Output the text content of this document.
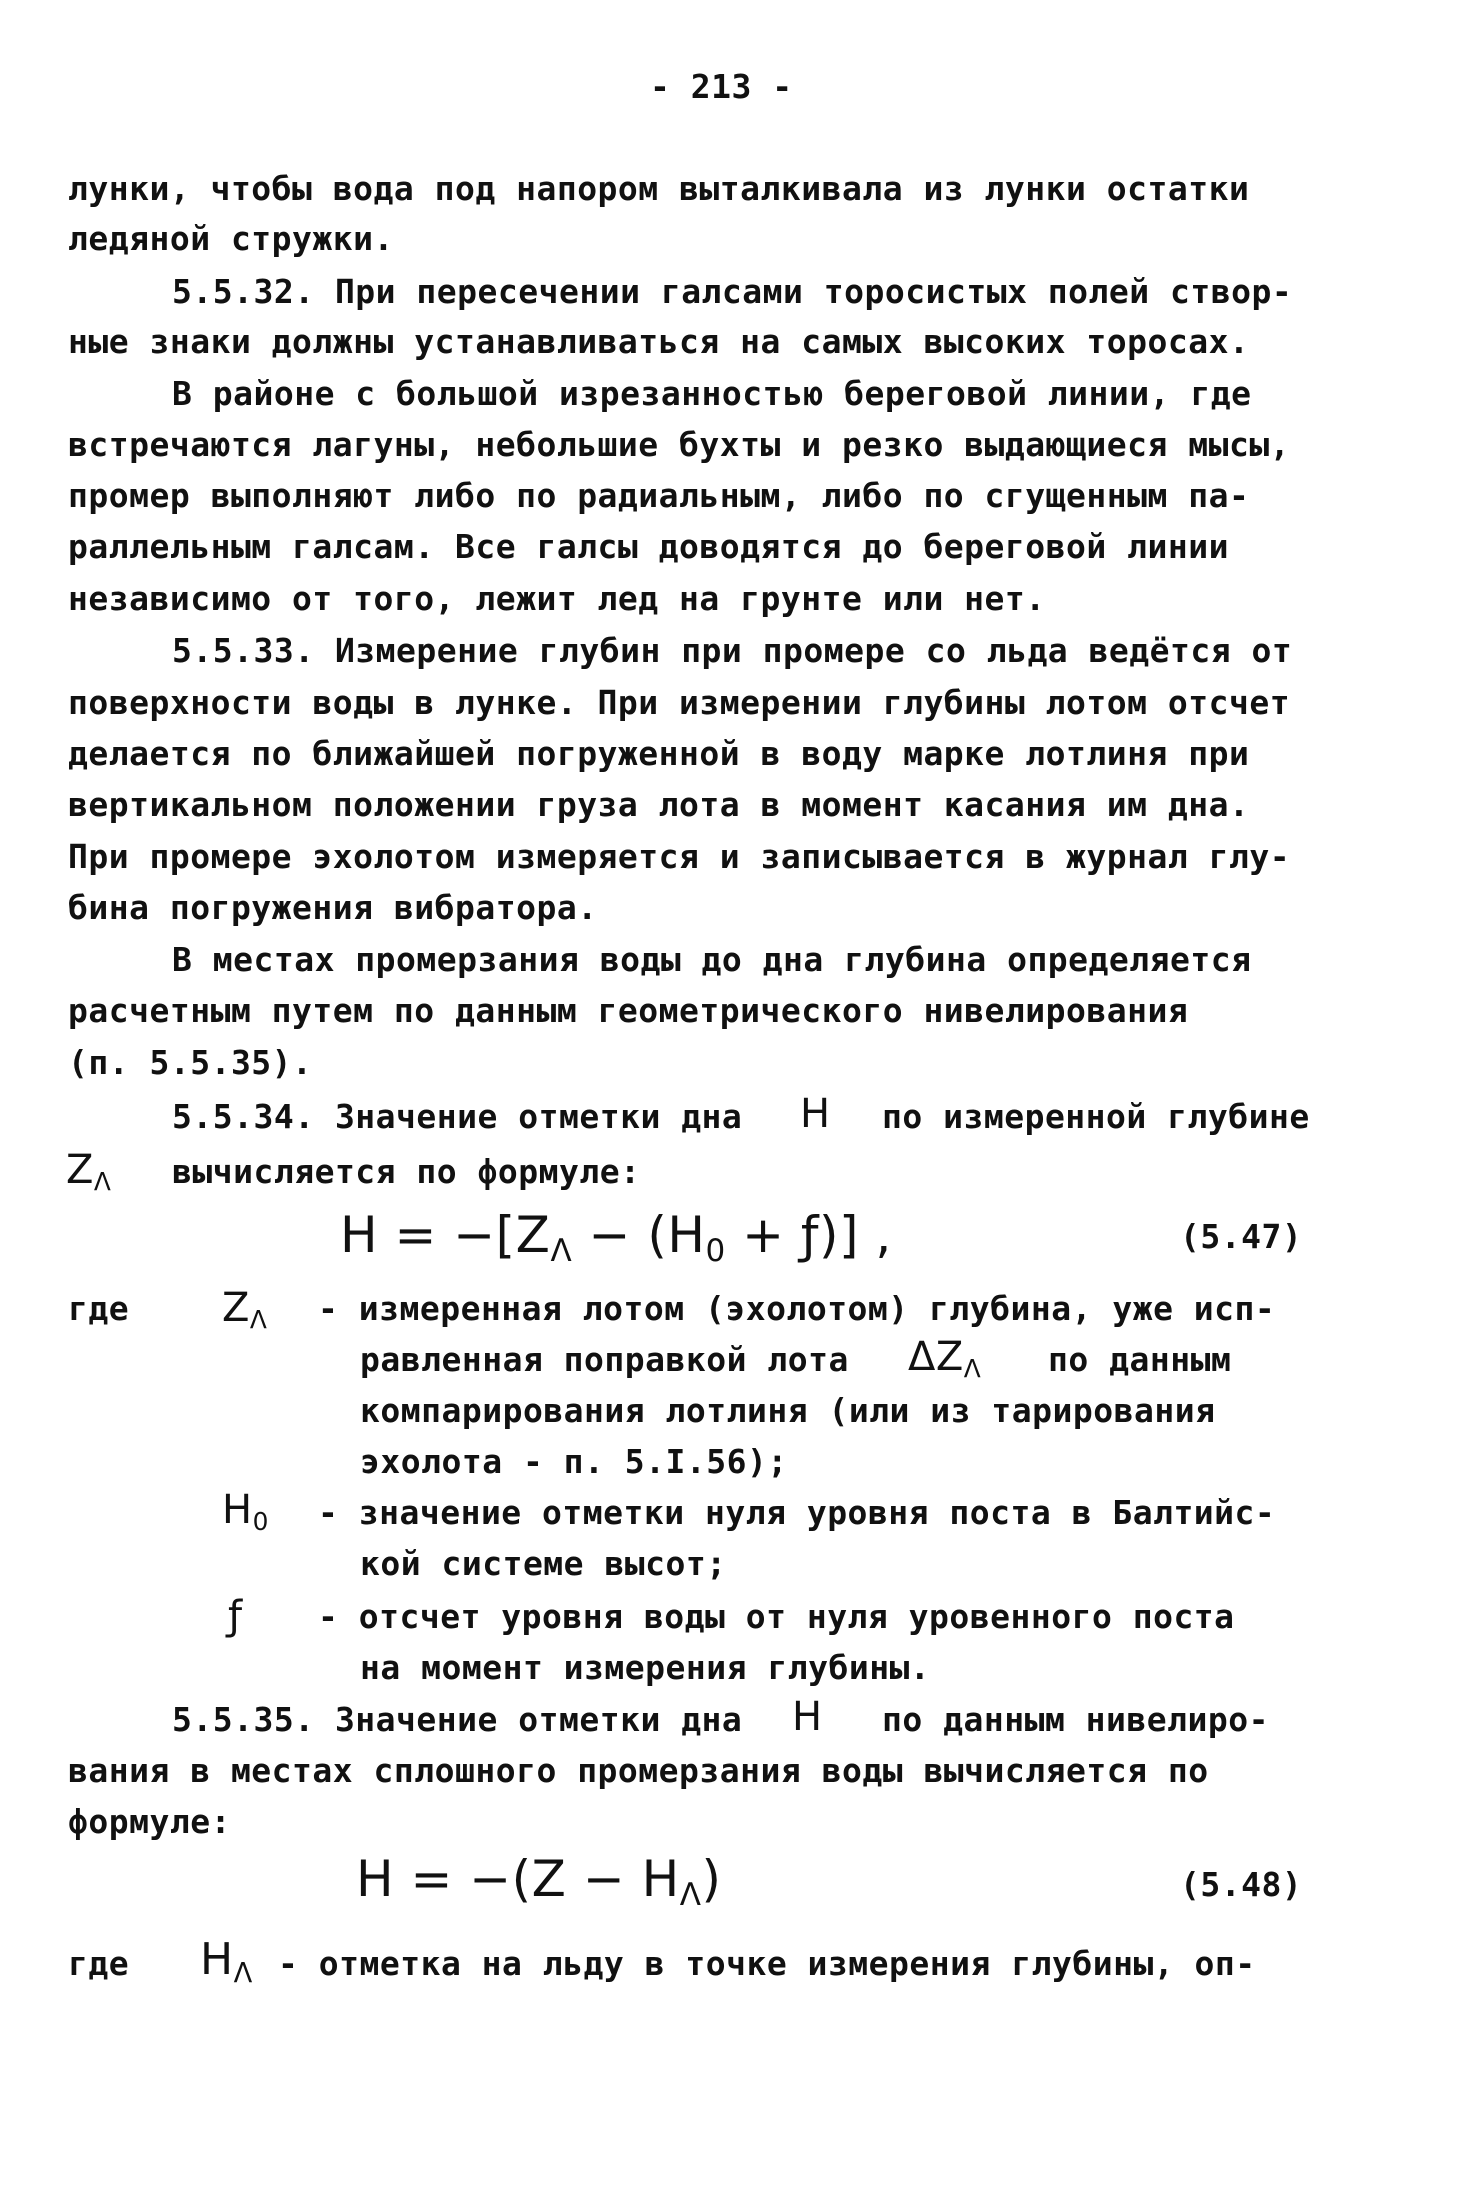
- 213 -
лунки, чтобы вода под напором выталкивала из лунки остатки
ледяной стружки.
5.5.32. При пересечении галсами торосистых полей створ-
ные знаки должны устанавливаться на самых высоких торосах.
В районе с большой изрезанностью береговой линии, где
встречаются лагуны, небольшие бухты и резко выдающиеся мысы,
промер выполняют либо по радиальным, либо по сгущенным па-
раллельным галсам. Все галсы доводятся до береговой линии
независимо от того, лежит лед на грунте или нет.
5.5.33. Измерение глубин при промере со льда ведётся от
поверхности воды в лунке. При измерении глубины лотом отсчет
делается по ближайшей погруженной в воду марке лотлиня при
вертикальном положении груза лота в момент касания им дна.
При промере эхолотом измеряется и записывается в журнал глу-
бина погружения вибратора.
В местах промерзания воды до дна глубина определяется
расчетным путем по данным геометрического нивелирования
(п. 5.5.35).
5.5.34. Значение отметки дна H по измеренной глубине
ZΛ вычисляется по формуле:
H = −[ZΛ − (H0 + ƒ)] ,	(5.47)
где ZΛ - измеренная лотом (эхолотом) глубина, уже исп-
равленная поправкой лота ΔZΛ по данным
компарирования лотлиня (или из тарирования
эхолота - п. 5.I.56);
H0 - значение отметки нуля уровня поста в Балтийс-
кой системе высот;
ƒ - отсчет уровня воды от нуля уровенного поста
на момент измерения глубины.
5.5.35. Значение отметки дна H по данным нивелиро-
вания в местах сплошного промерзания воды вычисляется по
формуле:
H = −(Z − HΛ)	(5.48)
где HΛ - отметка на льду в точке измерения глубины, оп-
